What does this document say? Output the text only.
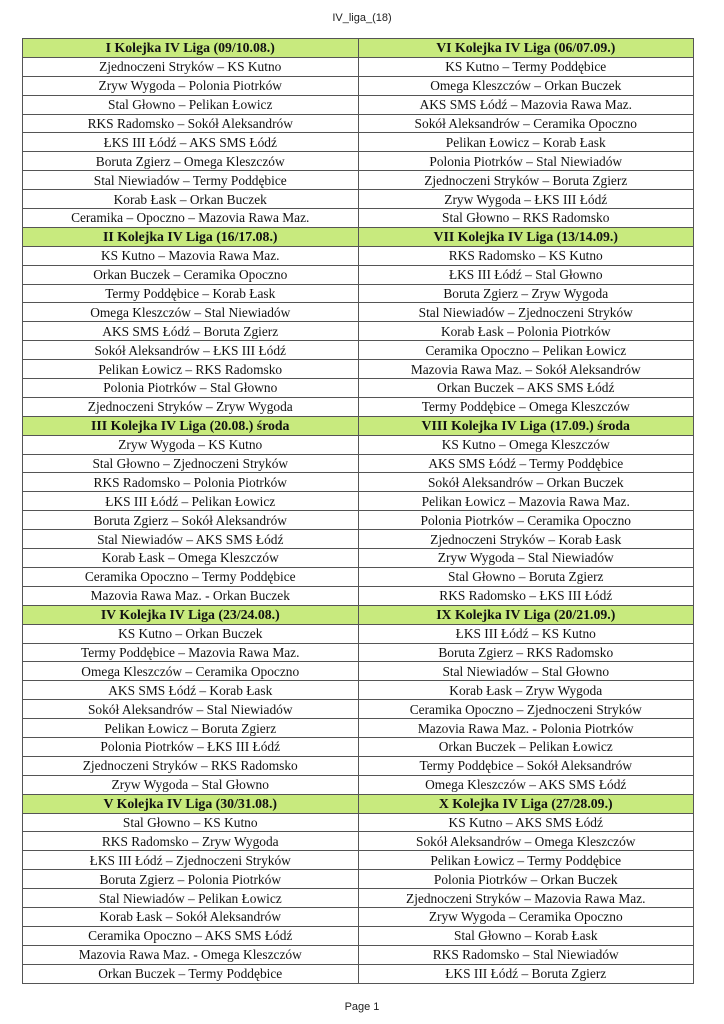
IV_liga_(18)
I Kolejka IV Liga (09/10.08.)	VI Kolejka IV Liga (06/07.09.)
Zjednoczeni Stryków – KS Kutno	KS Kutno – Termy Poddębice
Zryw Wygoda – Polonia Piotrków	Omega Kleszczów – Orkan Buczek
Stal Głowno – Pelikan Łowicz	AKS SMS Łódź – Mazovia Rawa Maz.
RKS Radomsko – Sokół Aleksandrów	Sokół Aleksandrów – Ceramika Opoczno
ŁKS III Łódź – AKS SMS Łódź	Pelikan Łowicz – Korab Łask
Boruta Zgierz – Omega Kleszczów	Polonia Piotrków – Stal Niewiadów
Stal Niewiadów – Termy Poddębice	Zjednoczeni Stryków – Boruta Zgierz
Korab Łask – Orkan Buczek	Zryw Wygoda – ŁKS III Łódź
Ceramika – Opoczno – Mazovia Rawa Maz.	Stal Głowno – RKS Radomsko
II Kolejka IV Liga (16/17.08.)	VII Kolejka IV Liga (13/14.09.)
KS Kutno – Mazovia Rawa Maz.	RKS Radomsko – KS Kutno
Orkan Buczek – Ceramika Opoczno	ŁKS III Łódź – Stal Głowno
Termy Poddębice – Korab Łask	Boruta Zgierz – Zryw Wygoda
Omega Kleszczów – Stal Niewiadów	Stal Niewiadów – Zjednoczeni Stryków
AKS SMS Łódź – Boruta Zgierz	Korab Łask – Polonia Piotrków
Sokół Aleksandrów – ŁKS III Łódź	Ceramika Opoczno – Pelikan Łowicz
Pelikan Łowicz – RKS Radomsko	Mazovia Rawa Maz. – Sokół Aleksandrów
Polonia Piotrków – Stal Głowno	Orkan Buczek – AKS SMS Łódź
Zjednoczeni Stryków – Zryw Wygoda	Termy Poddębice – Omega Kleszczów
III Kolejka IV Liga (20.08.) środa	VIII Kolejka IV Liga (17.09.) środa
Zryw Wygoda – KS Kutno	KS Kutno – Omega Kleszczów
Stal Głowno – Zjednoczeni Stryków	AKS SMS Łódź – Termy Poddębice
RKS Radomsko – Polonia Piotrków	Sokół Aleksandrów – Orkan Buczek
ŁKS III Łódź – Pelikan Łowicz	Pelikan Łowicz – Mazovia Rawa Maz.
Boruta Zgierz – Sokół Aleksandrów	Polonia Piotrków – Ceramika Opoczno
Stal Niewiadów – AKS SMS Łódź	Zjednoczeni Stryków – Korab Łask
Korab Łask – Omega Kleszczów	Zryw Wygoda – Stal Niewiadów
Ceramika Opoczno – Termy Poddębice	Stal Głowno – Boruta Zgierz
Mazovia Rawa Maz. - Orkan Buczek	RKS Radomsko – ŁKS III Łódź
IV Kolejka IV Liga (23/24.08.)	IX Kolejka IV Liga (20/21.09.)
KS Kutno – Orkan Buczek	ŁKS III Łódź – KS Kutno
Termy Poddębice – Mazovia Rawa Maz.	Boruta Zgierz – RKS Radomsko
Omega Kleszczów – Ceramika Opoczno	Stal Niewiadów – Stal Głowno
AKS SMS Łódź – Korab Łask	Korab Łask – Zryw Wygoda
Sokół Aleksandrów – Stal Niewiadów	Ceramika Opoczno – Zjednoczeni Stryków
Pelikan Łowicz – Boruta Zgierz	Mazovia Rawa Maz. - Polonia Piotrków
Polonia Piotrków – ŁKS III Łódź	Orkan Buczek – Pelikan Łowicz
Zjednoczeni Stryków – RKS Radomsko	Termy Poddębice – Sokół Aleksandrów
Zryw Wygoda – Stal Głowno	Omega Kleszczów – AKS SMS Łódź
V Kolejka IV Liga (30/31.08.)	X Kolejka IV Liga (27/28.09.)
Stal Głowno – KS Kutno	KS Kutno – AKS SMS Łódź
RKS Radomsko – Zryw Wygoda	Sokół Aleksandrów – Omega Kleszczów
ŁKS III Łódź – Zjednoczeni Stryków	Pelikan Łowicz – Termy Poddębice
Boruta Zgierz – Polonia Piotrków	Polonia Piotrków – Orkan Buczek
Stal Niewiadów – Pelikan Łowicz	Zjednoczeni Stryków – Mazovia Rawa Maz.
Korab Łask – Sokół Aleksandrów	Zryw Wygoda – Ceramika Opoczno
Ceramika Opoczno – AKS SMS Łódź	Stal Głowno – Korab Łask
Mazovia Rawa Maz. - Omega Kleszczów	RKS Radomsko – Stal Niewiadów
Orkan Buczek – Termy Poddębice	ŁKS III Łódź – Boruta Zgierz
Page 1
